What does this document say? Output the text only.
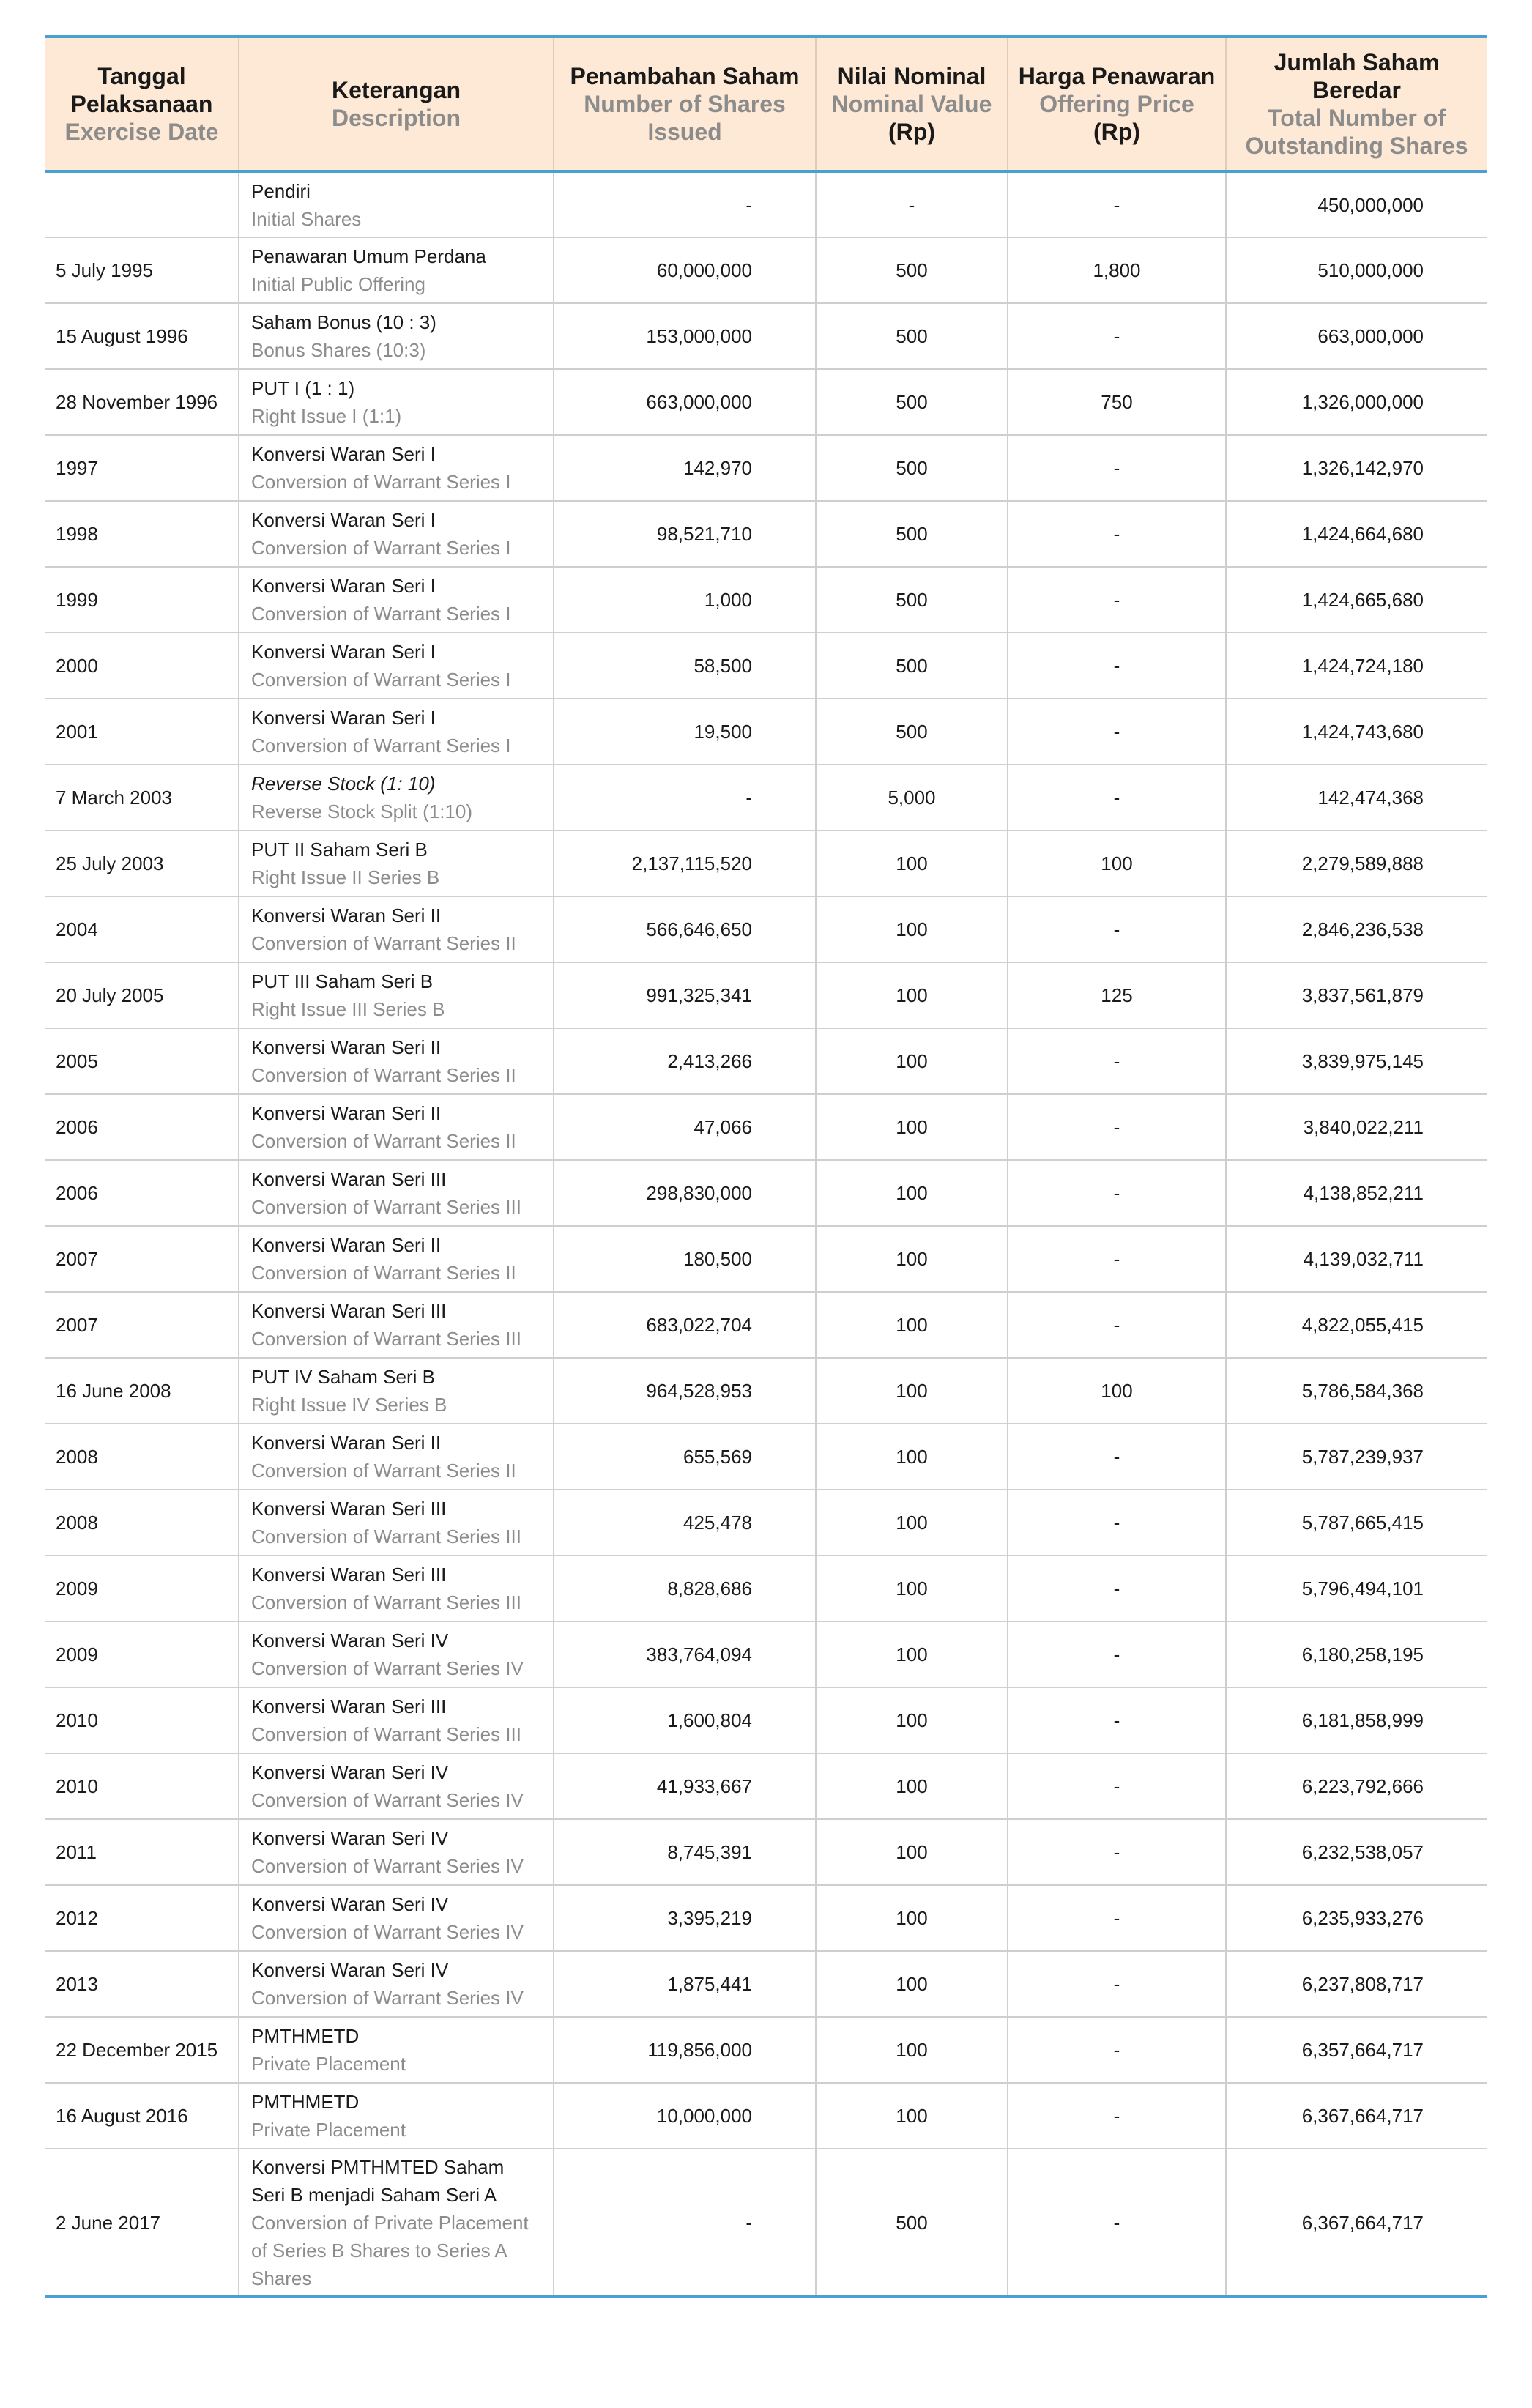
Tanggal Pelaksanaan
Exercise Date	Keterangan
Description	Penambahan Saham
Number of Shares Issued	Nilai Nominal
Nominal Value
(Rp)	Harga Penawaran
Offering Price
(Rp)	Jumlah Saham Beredar
Total Number of Outstanding Shares

	Pendiri
Initial Shares	-	-	-	450,000,000
5 July 1995	Penawaran Umum Perdana
Initial Public Offering	60,000,000	500	1,800	510,000,000
15 August 1996	Saham Bonus (10 : 3)
Bonus Shares (10:3)	153,000,000	500	-	663,000,000
28 November 1996	PUT I (1 : 1)
Right Issue I (1:1)	663,000,000	500	750	1,326,000,000
1997	Konversi Waran Seri I
Conversion of Warrant Series I	142,970	500	-	1,326,142,970
1998	Konversi Waran Seri I
Conversion of Warrant Series I	98,521,710	500	-	1,424,664,680
1999	Konversi Waran Seri I
Conversion of Warrant Series I	1,000	500	-	1,424,665,680
2000	Konversi Waran Seri I
Conversion of Warrant Series I	58,500	500	-	1,424,724,180
2001	Konversi Waran Seri I
Conversion of Warrant Series I	19,500	500	-	1,424,743,680
7 March 2003	Reverse Stock (1: 10)
Reverse Stock Split (1:10)	-	5,000	-	142,474,368
25 July 2003	PUT II Saham Seri B
Right Issue II Series B	2,137,115,520	100	100	2,279,589,888
2004	Konversi Waran Seri II
Conversion of Warrant Series II	566,646,650	100	-	2,846,236,538
20 July 2005	PUT III Saham Seri B
Right Issue III Series B	991,325,341	100	125	3,837,561,879
2005	Konversi Waran Seri II
Conversion of Warrant Series II	2,413,266	100	-	3,839,975,145
2006	Konversi Waran Seri II
Conversion of Warrant Series II	47,066	100	-	3,840,022,211
2006	Konversi Waran Seri III
Conversion of Warrant Series III	298,830,000	100	-	4,138,852,211
2007	Konversi Waran Seri II
Conversion of Warrant Series II	180,500	100	-	4,139,032,711
2007	Konversi Waran Seri III
Conversion of Warrant Series III	683,022,704	100	-	4,822,055,415
16 June 2008	PUT IV Saham Seri B
Right Issue IV Series B	964,528,953	100	100	5,786,584,368
2008	Konversi Waran Seri II
Conversion of Warrant Series II	655,569	100	-	5,787,239,937
2008	Konversi Waran Seri III
Conversion of Warrant Series III	425,478	100	-	5,787,665,415
2009	Konversi Waran Seri III
Conversion of Warrant Series III	8,828,686	100	-	5,796,494,101
2009	Konversi Waran Seri IV
Conversion of Warrant Series IV	383,764,094	100	-	6,180,258,195
2010	Konversi Waran Seri III
Conversion of Warrant Series III	1,600,804	100	-	6,181,858,999
2010	Konversi Waran Seri IV
Conversion of Warrant Series IV	41,933,667	100	-	6,223,792,666
2011	Konversi Waran Seri IV
Conversion of Warrant Series IV	8,745,391	100	-	6,232,538,057
2012	Konversi Waran Seri IV
Conversion of Warrant Series IV	3,395,219	100	-	6,235,933,276
2013	Konversi Waran Seri IV
Conversion of Warrant Series IV	1,875,441	100	-	6,237,808,717
22 December 2015	PMTHMETD
Private Placement	119,856,000	100	-	6,357,664,717
16 August 2016	PMTHMETD
Private Placement	10,000,000	100	-	6,367,664,717
2 June 2017	Konversi PMTHMTED Saham Seri B menjadi Saham Seri A
Conversion of Private Placement of Series B Shares to Series A Shares	-	500	-	6,367,664,717
